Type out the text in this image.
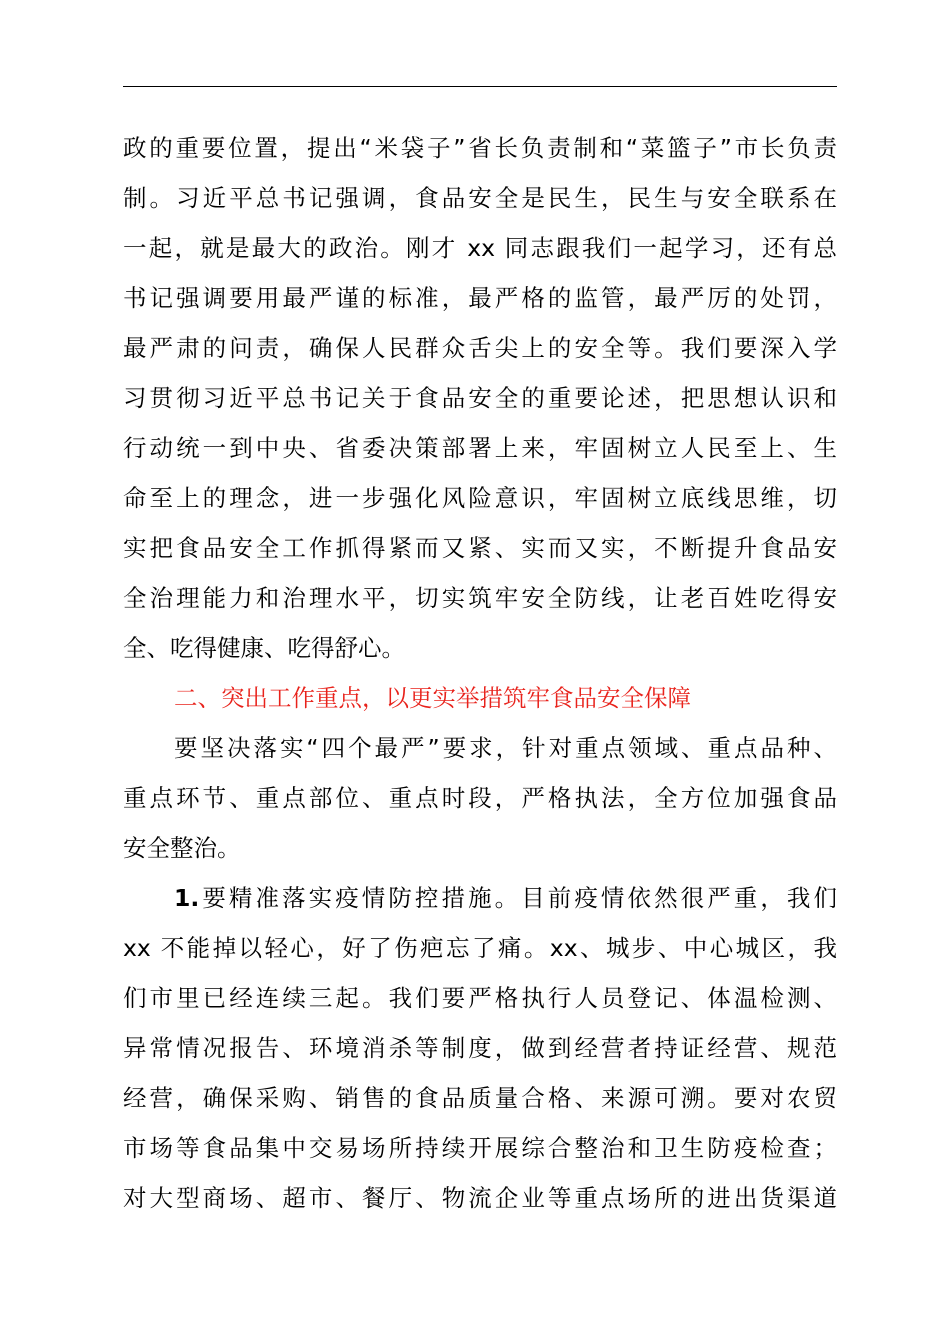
政的重要位置，提出“米袋子”省长负责制和“菜篮子”市长负责
制。习近平总书记强调，食品安全是民生，民生与安全联系在
一起，就是最大的政治。刚才 xx 同志跟我们一起学习，还有总
书记强调要用最严谨的标准，最严格的监管，最严厉的处罚，
最严肃的问责，确保人民群众舌尖上的安全等。我们要深入学
习贯彻习近平总书记关于食品安全的重要论述，把思想认识和
行动统一到中央、省委决策部署上来，牢固树立人民至上、生
命至上的理念，进一步强化风险意识，牢固树立底线思维，切
实把食品安全工作抓得紧而又紧、实而又实，不断提升食品安
全治理能力和治理水平，切实筑牢安全防线，让老百姓吃得安
全、吃得健康、吃得舒心。
二、突出工作重点，以更实举措筑牢食品安全保障
要坚决落实“四个最严”要求，针对重点领域、重点品种、
重点环节、重点部位、重点时段，严格执法，全方位加强食品
安全整治。
1.要精准落实疫情防控措施。目前疫情依然很严重，我们
xx 不能掉以轻心，好了伤疤忘了痛。xx、城步、中心城区，我
们市里已经连续三起。我们要严格执行人员登记、体温检测、
异常情况报告、环境消杀等制度，做到经营者持证经营、规范
经营，确保采购、销售的食品质量合格、来源可溯。要对农贸
市场等食品集中交易场所持续开展综合整治和卫生防疫检查；
对大型商场、超市、餐厅、物流企业等重点场所的进出货渠道
